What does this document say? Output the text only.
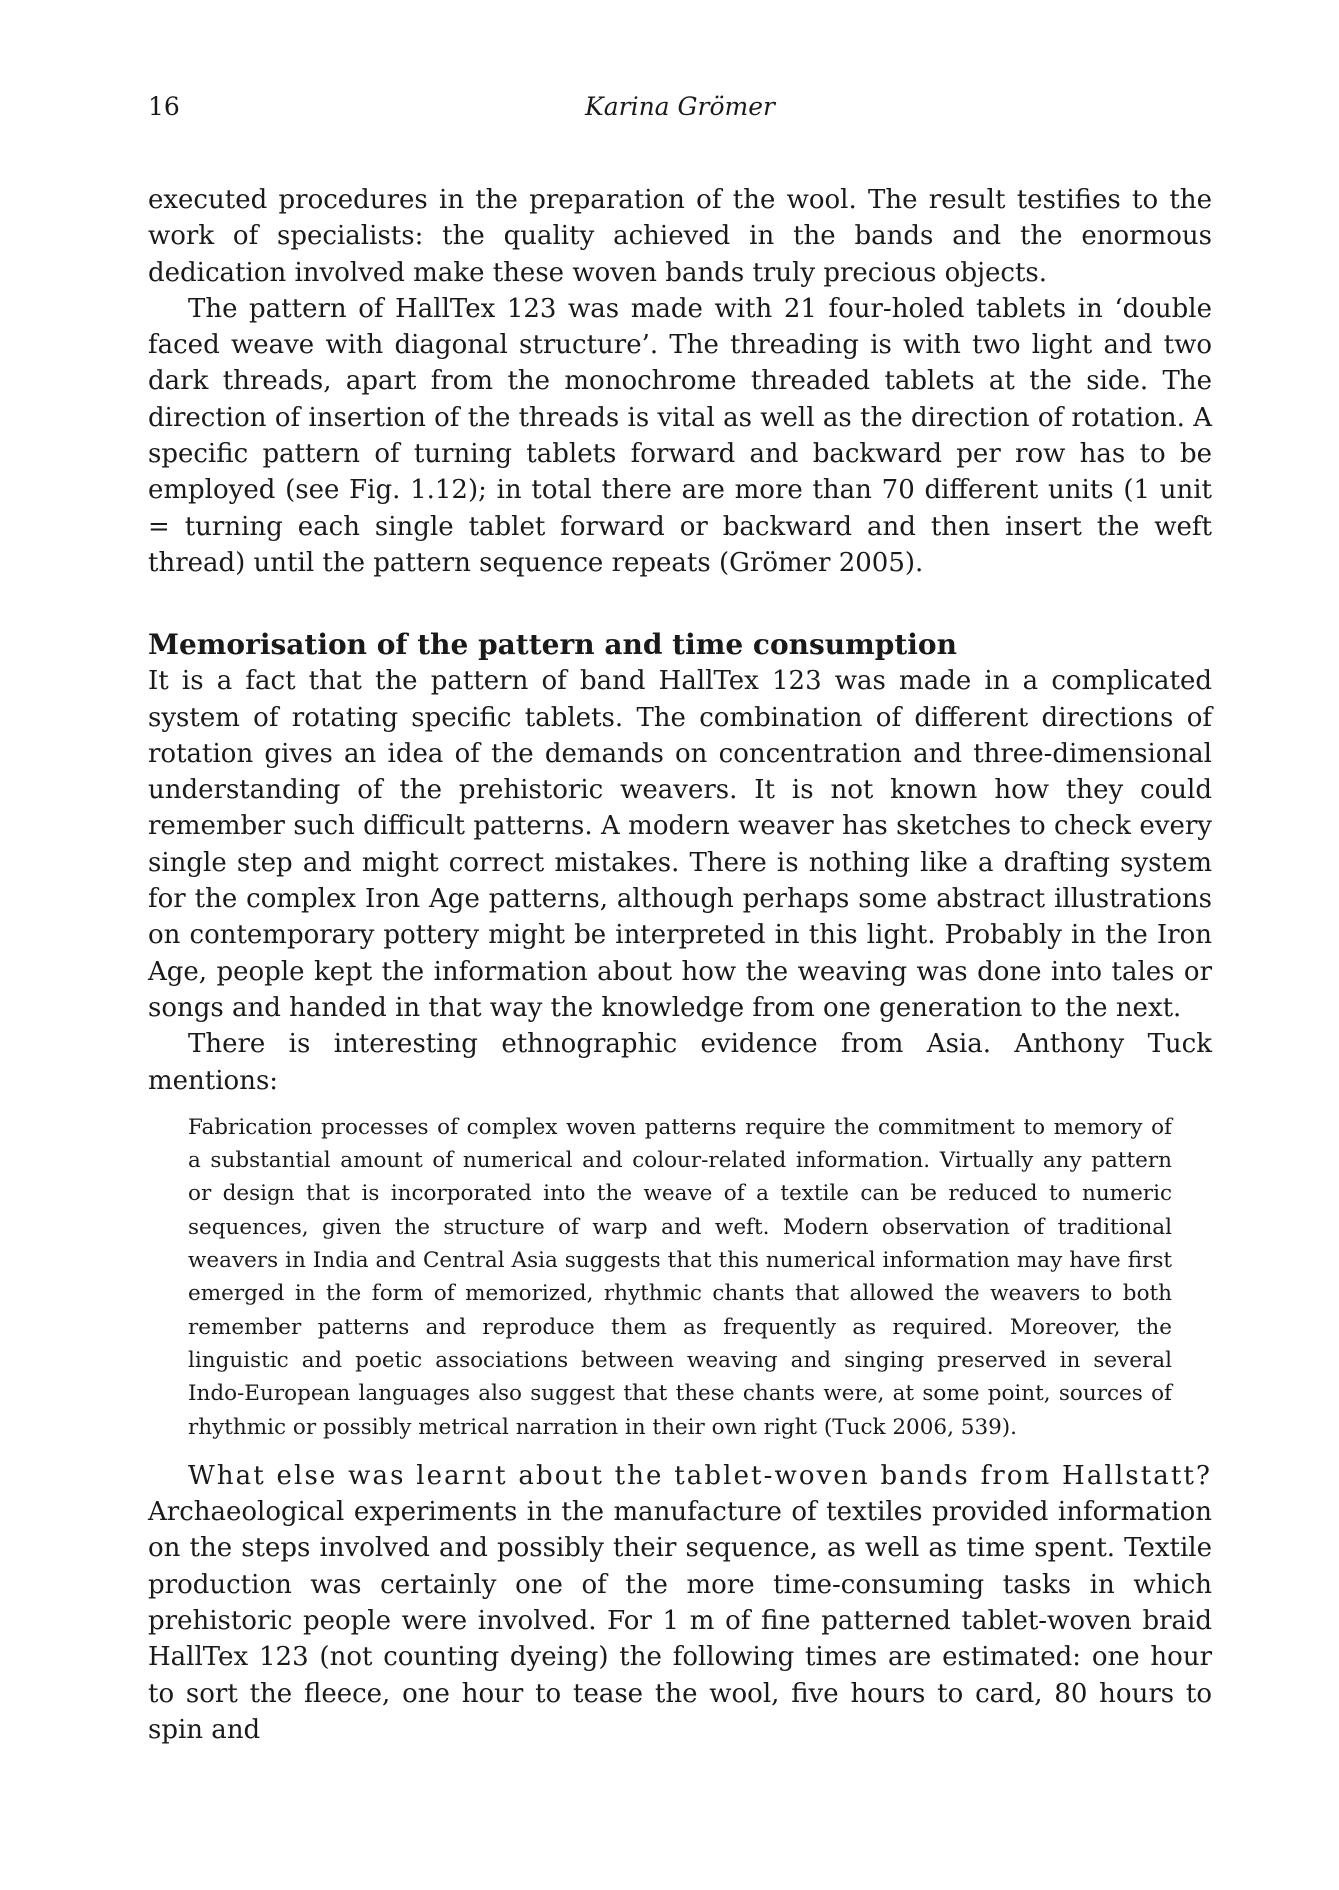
16	Karina Grömer

executed procedures in the preparation of the wool. The result testifies to the work of specialists: the quality achieved in the bands and the enormous dedication involved make these woven bands truly precious objects.

The pattern of HallTex 123 was made with 21 four-holed tablets in ‘double faced weave with diagonal structure’. The threading is with two light and two dark threads, apart from the monochrome threaded tablets at the side. The direction of insertion of the threads is vital as well as the direction of rotation. A specific pattern of turning tablets forward and backward per row has to be employed (see Fig. 1.12); in total there are more than 70 different units (1 unit = turning each single tablet forward or backward and then insert the weft thread) until the pattern sequence repeats (Grömer 2005).

Memorisation of the pattern and time consumption

It is a fact that the pattern of band HallTex 123 was made in a complicated system of rotating specific tablets. The combination of different directions of rotation gives an idea of the demands on concentration and three-dimensional understanding of the prehistoric weavers. It is not known how they could remember such difficult patterns. A modern weaver has sketches to check every single step and might correct mistakes. There is nothing like a drafting system for the complex Iron Age patterns, although perhaps some abstract illustrations on contemporary pottery might be interpreted in this light. Probably in the Iron Age, people kept the information about how the weaving was done into tales or songs and handed in that way the knowledge from one generation to the next.

There is interesting ethnographic evidence from Asia. Anthony Tuck mentions:

Fabrication processes of complex woven patterns require the commitment to memory of a substantial amount of numerical and colour-related information. Virtually any pattern or design that is incorporated into the weave of a textile can be reduced to numeric sequences, given the structure of warp and weft. Modern observation of traditional weavers in India and Central Asia suggests that this numerical information may have first emerged in the form of memorized, rhythmic chants that allowed the weavers to both remember patterns and reproduce them as frequently as required. Moreover, the linguistic and poetic associations between weaving and singing preserved in several Indo-European languages also suggest that these chants were, at some point, sources of rhythmic or possibly metrical narration in their own right (Tuck 2006, 539).

What else was learnt about the tablet-woven bands from Hallstatt? Archaeological experiments in the manufacture of textiles provided information on the steps involved and possibly their sequence, as well as time spent. Textile production was certainly one of the more time-consuming tasks in which prehistoric people were involved. For 1 m of fine patterned tablet-woven braid HallTex 123 (not counting dyeing) the following times are estimated: one hour to sort the fleece, one hour to tease the wool, five hours to card, 80 hours to spin and
